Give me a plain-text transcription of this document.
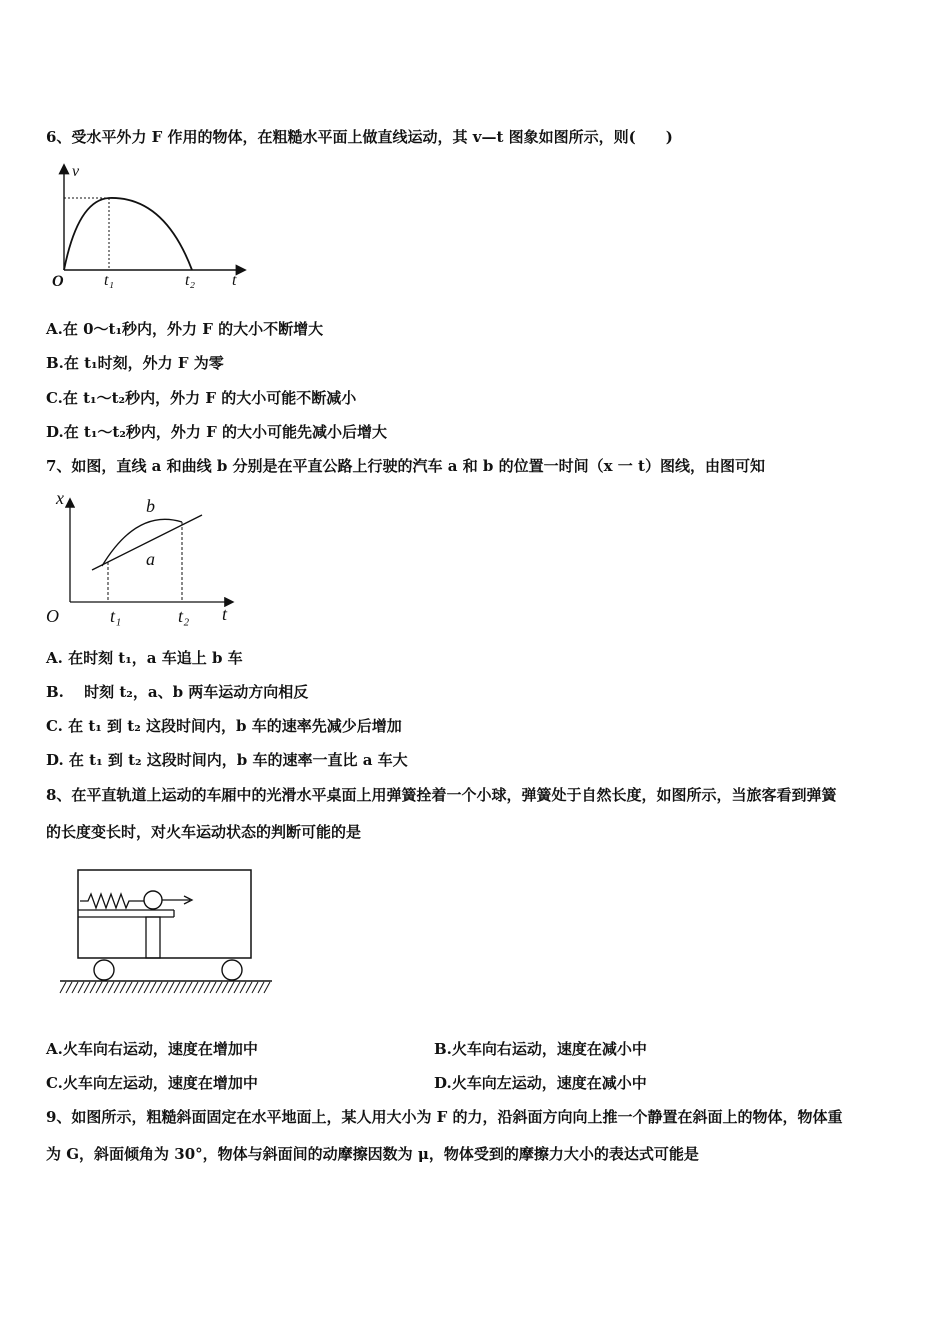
6、受水平外力 F 作用的物体，在粗糙水平面上做直线运动，其 v—t 图象如图所示，则(　　)
v
O	t₁	t₂ t
A.在 0～t₁秒内，外力 F 的大小不断增大
B.在 t₁时刻，外力 F 为零
C.在 t₁～t₂秒内，外力 F 的大小可能不断减小
D.在 t₁～t₂秒内，外力 F 的大小可能先减小后增大
7、如图，直线 a 和曲线 b 分别是在平直公路上行驶的汽车 a 和 b 的位置一时间（x 一 t）图线，由图可知
x	b
a
O	t₁	t₂ t
A. 在时刻 t₁，a 车追上 b 车
B.　 时刻 t₂，a、b 两车运动方向相反
C. 在 t₁ 到 t₂ 这段时间内，b 车的速率先减少后增加
D. 在 t₁ 到 t₂ 这段时间内，b 车的速率一直比 a 车大
8、在平直轨道上运动的车厢中的光滑水平桌面上用弹簧拴着一个小球，弹簧处于自然长度，如图所示，当旅客看到弹簧
的长度变长时，对火车运动状态的判断可能的是
A.火车向右运动，速度在增加中	B.火车向右运动，速度在减小中
C.火车向左运动，速度在增加中	D.火车向左运动，速度在减小中
9、如图所示，粗糙斜面固定在水平地面上，某人用大小为 F 的力，沿斜面方向向上推一个静置在斜面上的物体，物体重
为 G，斜面倾角为 30°，物体与斜面间的动摩擦因数为 μ，物体受到的摩擦力大小的表达式可能是
